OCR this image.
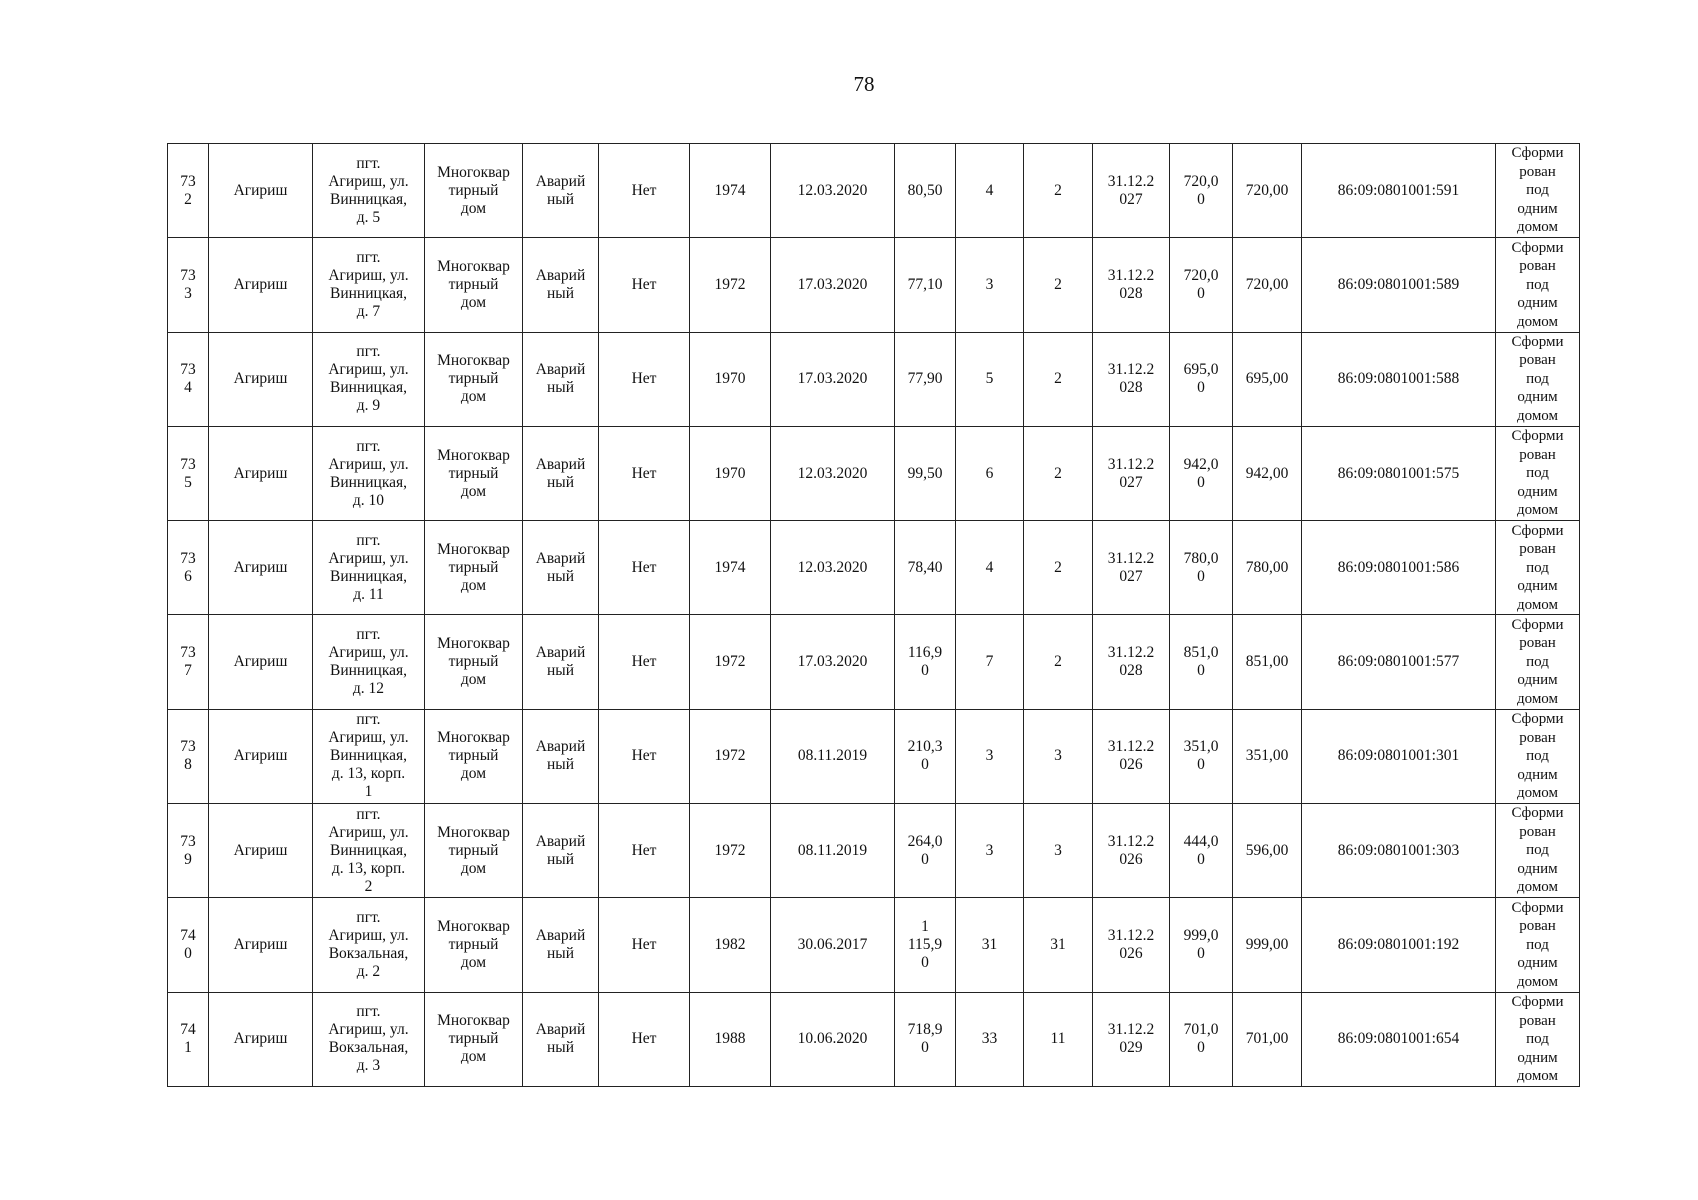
78
73
2	Агириш	пгт.
Агириш, ул.
Винницкая,
д. 5	Многоквар
тирный
дом	Аварий
ный	Нет	1974	12.03.2020	80,50	4	2	31.12.2
027	720,0
0	720,00	86:09:0801001:591	Сформи
рован
под
одним
домом
73
3	Агириш	пгт.
Агириш, ул.
Винницкая,
д. 7	Многоквар
тирный
дом	Аварий
ный	Нет	1972	17.03.2020	77,10	3	2	31.12.2
028	720,0
0	720,00	86:09:0801001:589	Сформи
рован
под
одним
домом
73
4	Агириш	пгт.
Агириш, ул.
Винницкая,
д. 9	Многоквар
тирный
дом	Аварий
ный	Нет	1970	17.03.2020	77,90	5	2	31.12.2
028	695,0
0	695,00	86:09:0801001:588	Сформи
рован
под
одним
домом
73
5	Агириш	пгт.
Агириш, ул.
Винницкая,
д. 10	Многоквар
тирный
дом	Аварий
ный	Нет	1970	12.03.2020	99,50	6	2	31.12.2
027	942,0
0	942,00	86:09:0801001:575	Сформи
рован
под
одним
домом
73
6	Агириш	пгт.
Агириш, ул.
Винницкая,
д. 11	Многоквар
тирный
дом	Аварий
ный	Нет	1974	12.03.2020	78,40	4	2	31.12.2
027	780,0
0	780,00	86:09:0801001:586	Сформи
рован
под
одним
домом
73
7	Агириш	пгт.
Агириш, ул.
Винницкая,
д. 12	Многоквар
тирный
дом	Аварий
ный	Нет	1972	17.03.2020	116,9
0	7	2	31.12.2
028	851,0
0	851,00	86:09:0801001:577	Сформи
рован
под
одним
домом
73
8	Агириш	пгт.
Агириш, ул.
Винницкая,
д. 13, корп.
1	Многоквар
тирный
дом	Аварий
ный	Нет	1972	08.11.2019	210,3
0	3	3	31.12.2
026	351,0
0	351,00	86:09:0801001:301	Сформи
рован
под
одним
домом
73
9	Агириш	пгт.
Агириш, ул.
Винницкая,
д. 13, корп.
2	Многоквар
тирный
дом	Аварий
ный	Нет	1972	08.11.2019	264,0
0	3	3	31.12.2
026	444,0
0	596,00	86:09:0801001:303	Сформи
рован
под
одним
домом
74
0	Агириш	пгт.
Агириш, ул.
Вокзальная,
д. 2	Многоквар
тирный
дом	Аварий
ный	Нет	1982	30.06.2017	1
115,9
0	31	31	31.12.2
026	999,0
0	999,00	86:09:0801001:192	Сформи
рован
под
одним
домом
74
1	Агириш	пгт.
Агириш, ул.
Вокзальная,
д. 3	Многоквар
тирный
дом	Аварий
ный	Нет	1988	10.06.2020	718,9
0	33	11	31.12.2
029	701,0
0	701,00	86:09:0801001:654	Сформи
рован
под
одним
домом
